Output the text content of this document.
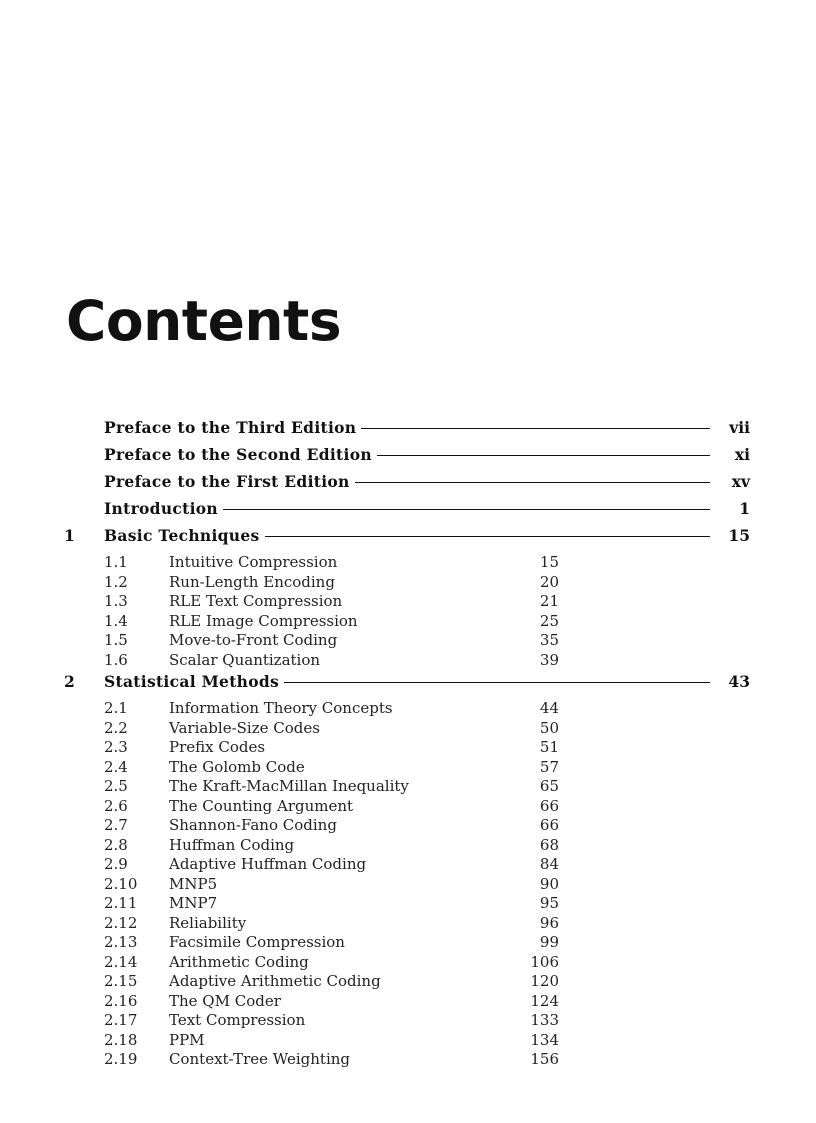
Contents
Preface to the Third Edition	vii
Preface to the Second Edition	xi
Preface to the First Edition	xv
Introduction	1
1 Basic Techniques	15
1.1	Intuitive Compression	15
1.2	Run-Length Encoding	20
1.3	RLE Text Compression	21
1.4	RLE Image Compression	25
1.5	Move-to-Front Coding	35
1.6	Scalar Quantization	39
2 Statistical Methods	43
2.1	Information Theory Concepts	44
2.2	Variable-Size Codes	50
2.3	Prefix Codes	51
2.4	The Golomb Code	57
2.5	The Kraft-MacMillan Inequality	65
2.6	The Counting Argument	66
2.7	Shannon-Fano Coding	66
2.8	Huffman Coding	68
2.9	Adaptive Huffman Coding	84
2.10 MNP5	90
2.11 MNP7	95
2.12 Reliability	96
2.13 Facsimile Compression	99
2.14 Arithmetic Coding	106
2.15 Adaptive Arithmetic Coding	120
2.16 The QM Coder	124
2.17 Text Compression	133
2.18 PPM	134
2.19 Context-Tree Weighting	156
